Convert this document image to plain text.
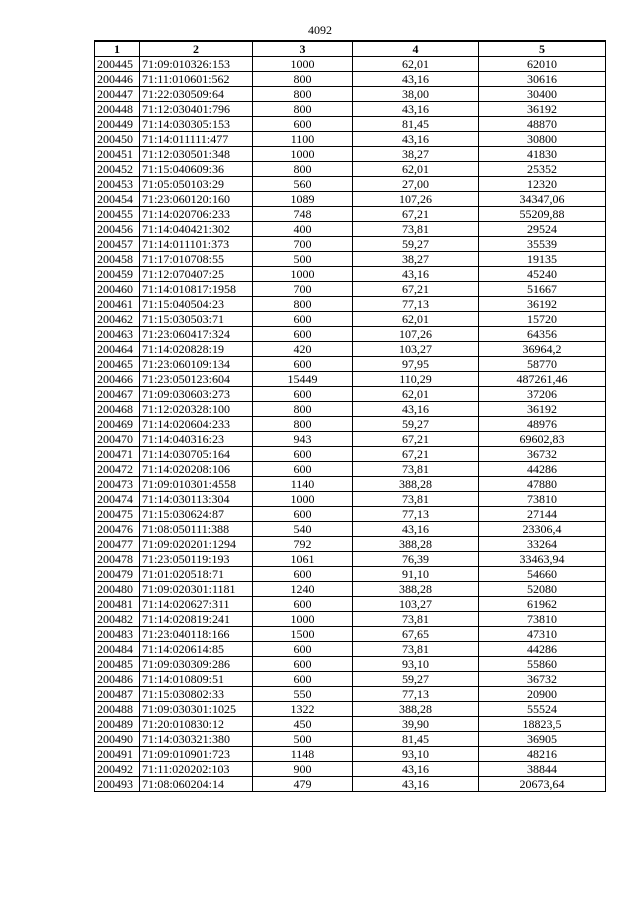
4092
1	2	3	4	5
200445	71:09:010326:153	1000	62,01	62010
200446	71:11:010601:562	800	43,16	30616
200447	71:22:030509:64	800	38,00	30400
200448	71:12:030401:796	800	43,16	36192
200449	71:14:030305:153	600	81,45	48870
200450	71:14:011111:477	1100	43,16	30800
200451	71:12:030501:348	1000	38,27	41830
200452	71:15:040609:36	800	62,01	25352
200453	71:05:050103:29	560	27,00	12320
200454	71:23:060120:160	1089	107,26	34347,06
200455	71:14:020706:233	748	67,21	55209,88
200456	71:14:040421:302	400	73,81	29524
200457	71:14:011101:373	700	59,27	35539
200458	71:17:010708:55	500	38,27	19135
200459	71:12:070407:25	1000	43,16	45240
200460	71:14:010817:1958	700	67,21	51667
200461	71:15:040504:23	800	77,13	36192
200462	71:15:030503:71	600	62,01	15720
200463	71:23:060417:324	600	107,26	64356
200464	71:14:020828:19	420	103,27	36964,2
200465	71:23:060109:134	600	97,95	58770
200466	71:23:050123:604	15449	110,29	487261,46
200467	71:09:030603:273	600	62,01	37206
200468	71:12:020328:100	800	43,16	36192
200469	71:14:020604:233	800	59,27	48976
200470	71:14:040316:23	943	67,21	69602,83
200471	71:14:030705:164	600	67,21	36732
200472	71:14:020208:106	600	73,81	44286
200473	71:09:010301:4558	1140	388,28	47880
200474	71:14:030113:304	1000	73,81	73810
200475	71:15:030624:87	600	77,13	27144
200476	71:08:050111:388	540	43,16	23306,4
200477	71:09:020201:1294	792	388,28	33264
200478	71:23:050119:193	1061	76,39	33463,94
200479	71:01:020518:71	600	91,10	54660
200480	71:09:020301:1181	1240	388,28	52080
200481	71:14:020627:311	600	103,27	61962
200482	71:14:020819:241	1000	73,81	73810
200483	71:23:040118:166	1500	67,65	47310
200484	71:14:020614:85	600	73,81	44286
200485	71:09:030309:286	600	93,10	55860
200486	71:14:010809:51	600	59,27	36732
200487	71:15:030802:33	550	77,13	20900
200488	71:09:030301:1025	1322	388,28	55524
200489	71:20:010830:12	450	39,90	18823,5
200490	71:14:030321:380	500	81,45	36905
200491	71:09:010901:723	1148	93,10	48216
200492	71:11:020202:103	900	43,16	38844
200493	71:08:060204:14	479	43,16	20673,64
